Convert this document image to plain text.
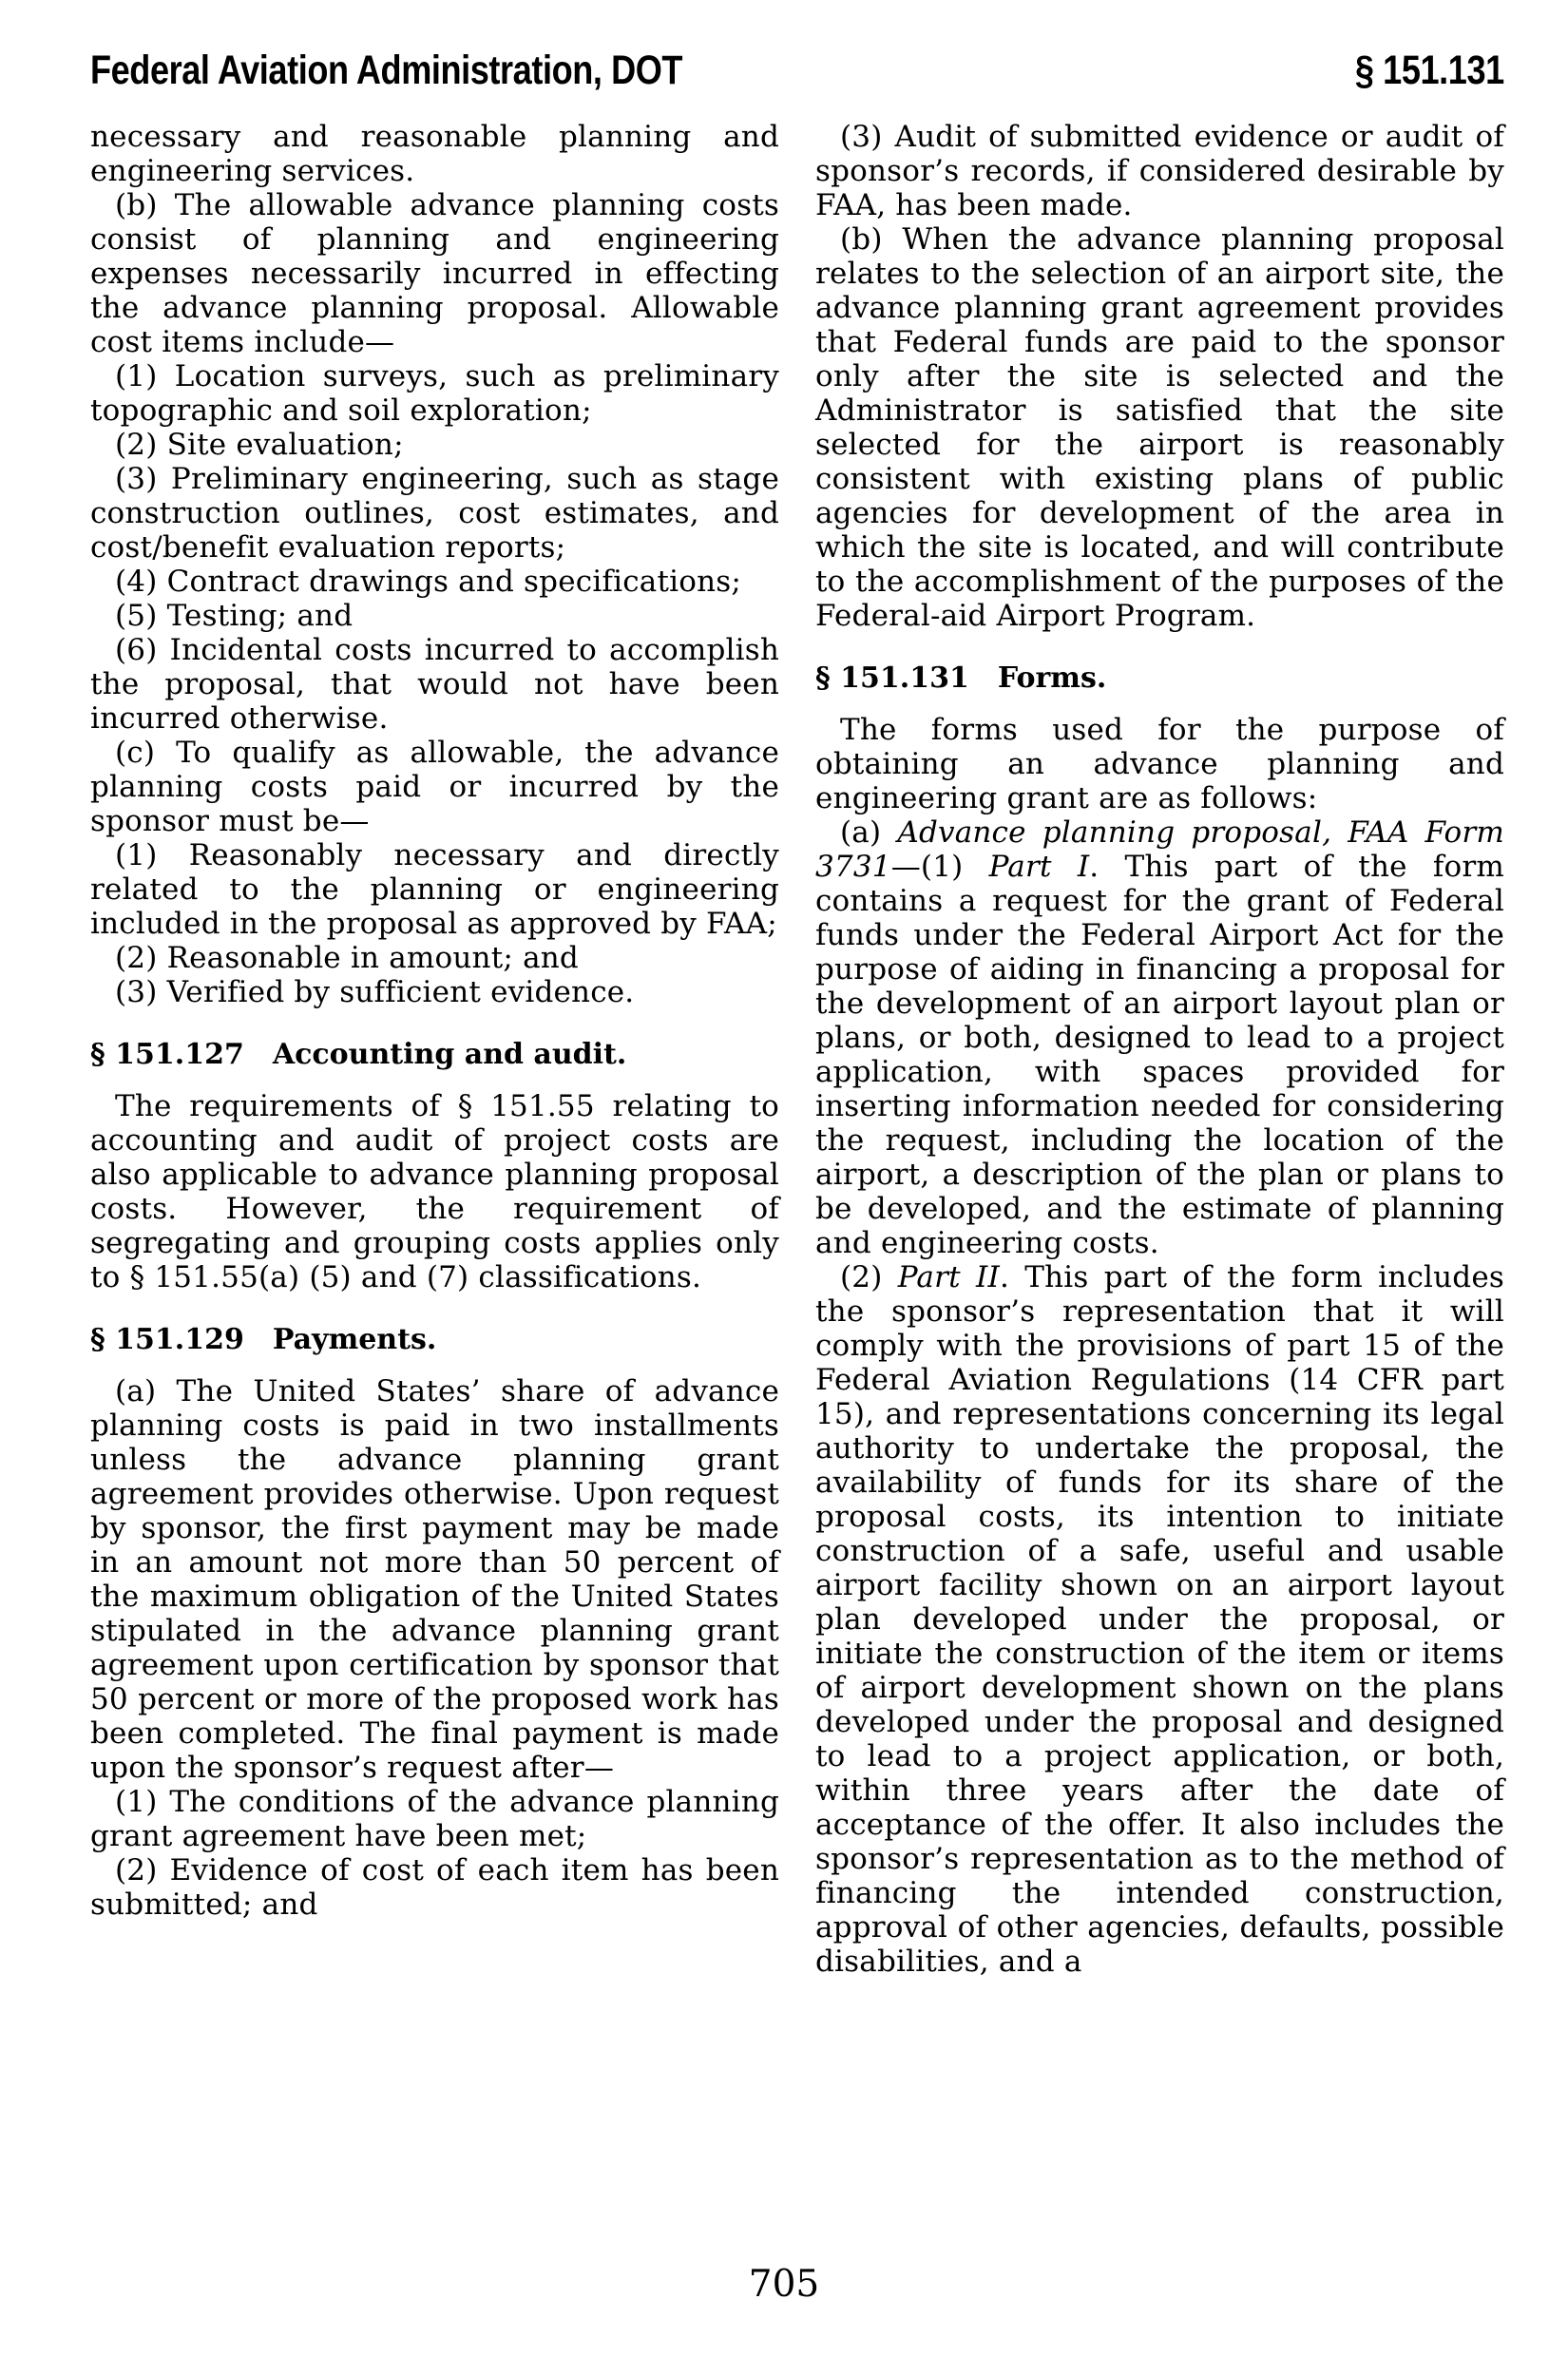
Federal Aviation Administration, DOT	§ 151.131

necessary and reasonable planning and engineering services.

(b) The allowable advance planning costs consist of planning and engineering expenses necessarily incurred in effecting the advance planning proposal. Allowable cost items include—

(1) Location surveys, such as preliminary topographic and soil exploration;

(2) Site evaluation;

(3) Preliminary engineering, such as stage construction outlines, cost estimates, and cost/benefit evaluation reports;

(4) Contract drawings and specifications;

(5) Testing; and

(6) Incidental costs incurred to accomplish the proposal, that would not have been incurred otherwise.

(c) To qualify as allowable, the advance planning costs paid or incurred by the sponsor must be—

(1) Reasonably necessary and directly related to the planning or engineering included in the proposal as approved by FAA;

(2) Reasonable in amount; and

(3) Verified by sufficient evidence.

§ 151.127 Accounting and audit.

The requirements of § 151.55 relating to accounting and audit of project costs are also applicable to advance planning proposal costs. However, the requirement of segregating and grouping costs applies only to § 151.55(a) (5) and (7) classifications.

§ 151.129 Payments.

(a) The United States’ share of advance planning costs is paid in two installments unless the advance planning grant agreement provides otherwise. Upon request by sponsor, the first payment may be made in an amount not more than 50 percent of the maximum obligation of the United States stipulated in the advance planning grant agreement upon certification by sponsor that 50 percent or more of the proposed work has been completed. The final payment is made upon the sponsor’s request after—

(1) The conditions of the advance planning grant agreement have been met;

(2) Evidence of cost of each item has been submitted; and

(3) Audit of submitted evidence or audit of sponsor’s records, if considered desirable by FAA, has been made.

(b) When the advance planning proposal relates to the selection of an airport site, the advance planning grant agreement provides that Federal funds are paid to the sponsor only after the site is selected and the Administrator is satisfied that the site selected for the airport is reasonably consistent with existing plans of public agencies for development of the area in which the site is located, and will contribute to the accomplishment of the purposes of the Federal-aid Airport Program.

§ 151.131 Forms.

The forms used for the purpose of obtaining an advance planning and engineering grant are as follows:

(a) Advance planning proposal, FAA Form 3731—(1) Part I. This part of the form contains a request for the grant of Federal funds under the Federal Airport Act for the purpose of aiding in financing a proposal for the development of an airport layout plan or plans, or both, designed to lead to a project application, with spaces provided for inserting information needed for considering the request, including the location of the airport, a description of the plan or plans to be developed, and the estimate of planning and engineering costs.

(2) Part II. This part of the form includes the sponsor’s representation that it will comply with the provisions of part 15 of the Federal Aviation Regulations (14 CFR part 15), and representations concerning its legal authority to undertake the proposal, the availability of funds for its share of the proposal costs, its intention to initiate construction of a safe, useful and usable airport facility shown on an airport layout plan developed under the proposal, or initiate the construction of the item or items of airport development shown on the plans developed under the proposal and designed to lead to a project application, or both, within three years after the date of acceptance of the offer. It also includes the sponsor’s representation as to the method of financing the intended construction, approval of other agencies, defaults, possible disabilities, and a

705
